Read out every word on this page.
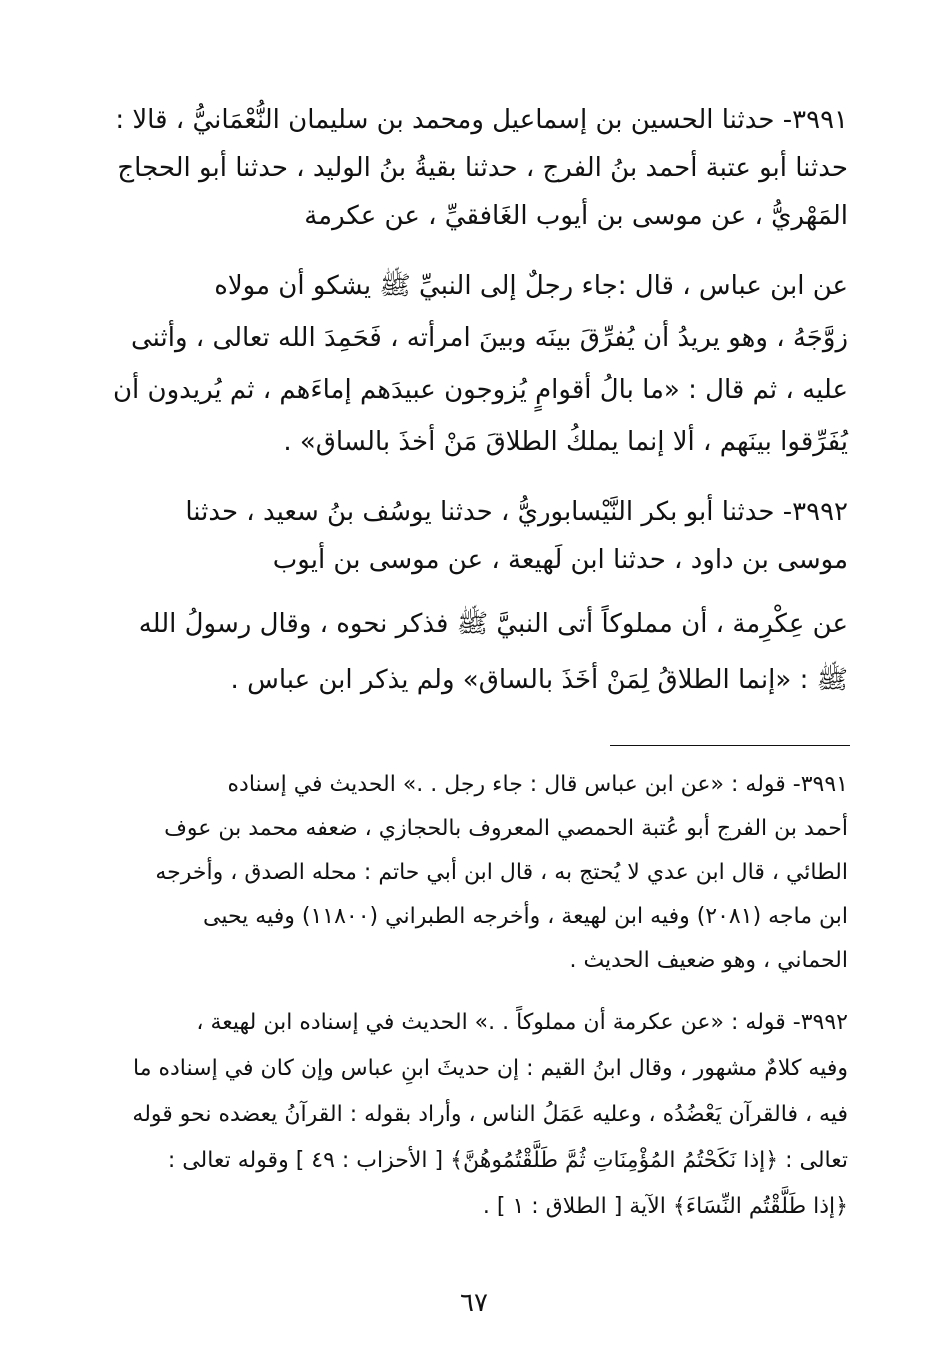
٣٩٩١- حدثنا الحسين بن إسماعيل ومحمد بن سليمان النُّعْمَانيُّ ، قالا :
حدثنا أبو عتبة أحمد بنُ الفرج ، حدثنا بقيةُ بنُ الوليد ، حدثنا أبو الحجاج
المَهْريُّ ، عن موسى بن أيوب الغَافقيِّ ، عن عكرمة
عن ابن عباس ، قال :جاء رجلٌ إلى النبيِّ ﷺ يشكو أن مولاه
زوَّجَهُ ، وهو يريدُ أن يُفرِّقَ بينَه وبينَ امرأته ، فَحَمِدَ الله تعالى ، وأثنى
عليه ، ثم قال : «ما بالُ أقوامٍ يُزوجون عبيدَهم إماءَهم ، ثم يُريدون أن
يُفَرِّقوا بينَهم ، ألا إنما يملكُ الطلاقَ مَنْ أخذَ بالساق» .
٣٩٩٢- حدثنا أبو بكر النَّيْسابوريُّ ، حدثنا يوسُف بنُ سعيد ، حدثنا
موسى بن داود ، حدثنا ابن لَهيعة ، عن موسى بن أيوب
عن عِكْرِمة ، أن مملوكاً أتى النبيَّ ﷺ فذكر نحوه ، وقال رسولُ الله
ﷺ : «إنما الطلاقُ لِمَنْ أخَذَ بالساق» ولم يذكر ابن عباس .
٣٩٩١- قوله : «عن ابن عباس قال : جاء رجل . .» الحديث في إسناده
أحمد بن الفرج أبو عُتبة الحمصي المعروف بالحجازي ، ضعفه محمد بن عوف
الطائي ، قال ابن عدي لا يُحتج به ، قال ابن أبي حاتم : محله الصدق ، وأخرجه
ابن ماجه (٢٠٨١) وفيه ابن لهيعة ، وأخرجه الطبراني (١١٨٠٠) وفيه يحيى
الحماني ، وهو ضعيف الحديث .
٣٩٩٢- قوله : «عن عكرمة أن مملوكاً . .» الحديث في إسناده ابن لهيعة ،
وفيه كلامٌ مشهور ، وقال ابنُ القيم : إن حديثَ ابنِ عباس وإن كان في إسناده ما
فيه ، فالقرآن يَعْضُدُه ، وعليه عَمَلُ الناس ، وأراد بقوله : القرآنُ يعضده نحو قوله
تعالى : ﴿إذا نَكَحْتُمُ المُؤْمِنَاتِ ثُمَّ طَلَّقْتُمُوهُنَّ﴾ [ الأحزاب : ٤٩ ] وقوله تعالى :
﴿إذا طَلَّقْتُم النِّسَاءَ﴾ الآية [ الطلاق : ١ ] .
٦٧
